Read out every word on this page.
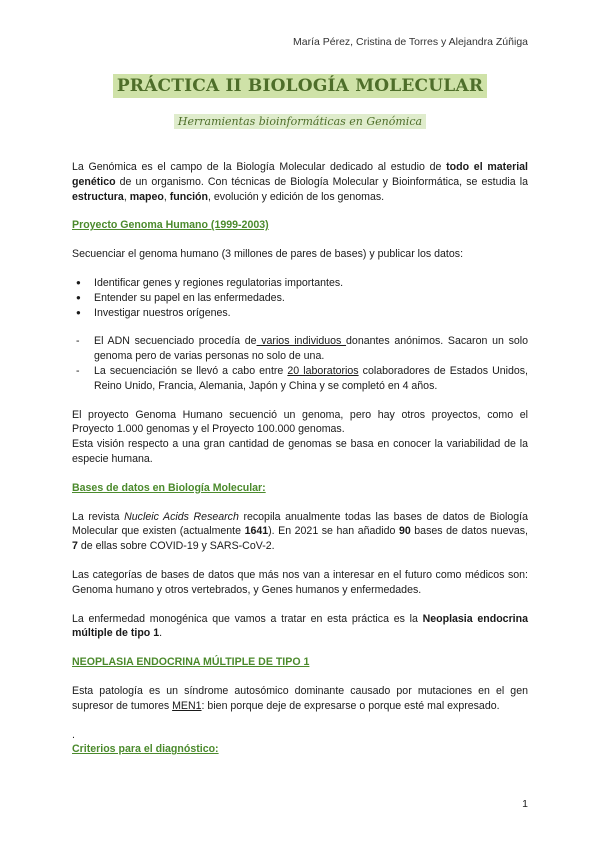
María Pérez, Cristina de Torres y Alejandra Zúñiga
PRÁCTICA II BIOLOGÍA MOLECULAR
Herramientas bioinformáticas en Genómica

La Genómica es el campo de la Biología Molecular dedicado al estudio de todo el material genético de un organismo. Con técnicas de Biología Molecular y Bioinformática, se estudia la estructura, mapeo, función, evolución y edición de los genomas.

Proyecto Genoma Humano (1999-2003)

Secuenciar el genoma humano (3 millones de pares de bases) y publicar los datos:

● Identificar genes y regiones regulatorias importantes.
● Entender su papel en las enfermedades.
● Investigar nuestros orígenes.

- El ADN secuenciado procedía de varios individuos donantes anónimos. Sacaron un solo genoma pero de varias personas no solo de una.

- La secuenciación se llevó a cabo entre 20 laboratorios colaboradores de Estados Unidos, Reino Unido, Francia, Alemania, Japón y China y se completó en 4 años.

El proyecto Genoma Humano secuenció un genoma, pero hay otros proyectos, como el Proyecto 1.000 genomas y el Proyecto 100.000 genomas.

Esta visión respecto a una gran cantidad de genomas se basa en conocer la variabilidad de la especie humana.

Bases de datos en Biología Molecular:

La revista Nucleic Acids Research recopila anualmente todas las bases de datos de Biología Molecular que existen (actualmente 1641). En 2021 se han añadido 90 bases de datos nuevas, 7 de ellas sobre COVID-19 y SARS-CoV-2.

Las categorías de bases de datos que más nos van a interesar en el futuro como médicos son: Genoma humano y otros vertebrados, y Genes humanos y enfermedades.

La enfermedad monogénica que vamos a tratar en esta práctica es la Neoplasia endocrina múltiple de tipo 1.

NEOPLASIA ENDOCRINA MÚLTIPLE DE TIPO 1

Esta patología es un síndrome autosómico dominante causado por mutaciones en el gen supresor de tumores MEN1: bien porque deje de expresarse o porque esté mal expresado.

.

Criterios para el diagnóstico:

1
